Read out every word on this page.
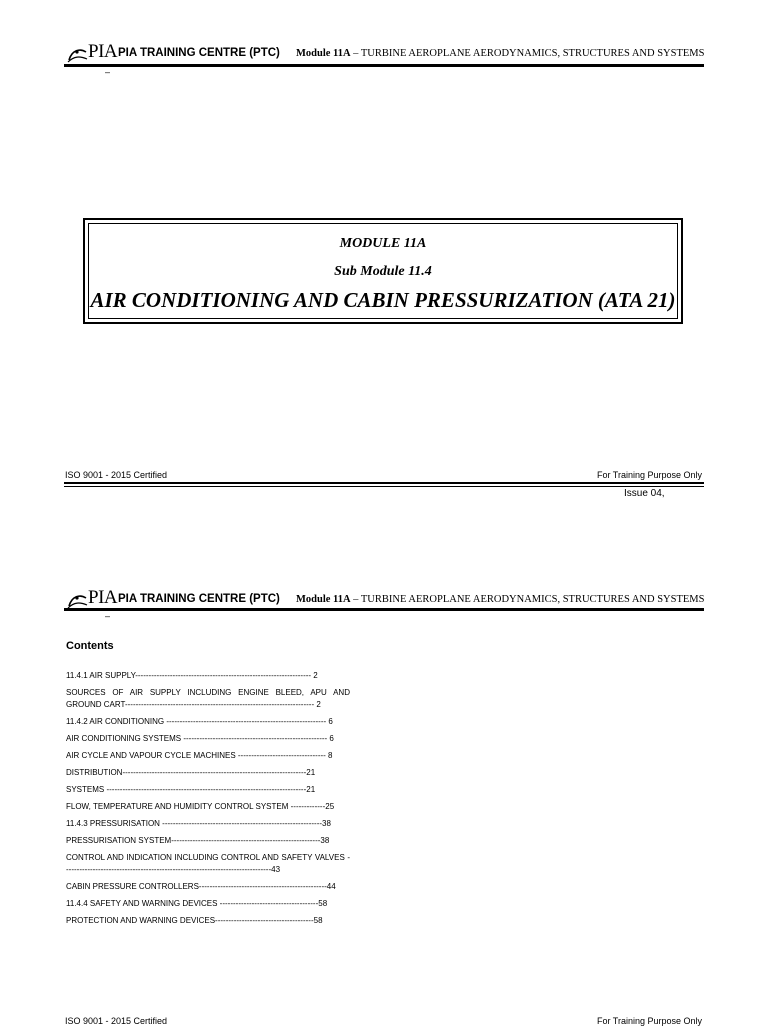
PIA PIA TRAINING CENTRE (PTC) Module 11A – TURBINE AEROPLANE AERODYNAMICS, STRUCTURES AND SYSTEMS
–
MODULE 11A
Sub Module 11.4
AIR CONDITIONING AND CABIN PRESSURIZATION (ATA 21)
ISO 9001 - 2015 Certified	For Training Purpose Only
Issue 04,
PIA PIA TRAINING CENTRE (PTC) Module 11A – TURBINE AEROPLANE AERODYNAMICS, STRUCTURES AND SYSTEMS
–
Contents
11.4.1 AIR SUPPLY------------------------------------------------------------------ 2
SOURCES OF AIR SUPPLY INCLUDING ENGINE BLEED, APU AND GROUND CART----------------------------------------------------------------------- 2
11.4.2 AIR CONDITIONING ------------------------------------------------------------ 6
AIR CONDITIONING SYSTEMS ------------------------------------------------------ 6
AIR CYCLE AND VAPOUR CYCLE MACHINES --------------------------------- 8
DISTRIBUTION---------------------------------------------------------------------21
SYSTEMS ---------------------------------------------------------------------------21
FLOW, TEMPERATURE AND HUMIDITY CONTROL SYSTEM -------------25
11.4.3 PRESSURISATION ------------------------------------------------------------38
PRESSURISATION SYSTEM--------------------------------------------------------38
CONTROL AND INDICATION INCLUDING CONTROL AND SAFETY VALVES ------------------------------------------------------------------------------43
CABIN PRESSURE CONTROLLERS------------------------------------------------44
11.4.4 SAFETY AND WARNING DEVICES -------------------------------------58
PROTECTION AND WARNING DEVICES-------------------------------------58
ISO 9001 - 2015 Certified	For Training Purpose Only
